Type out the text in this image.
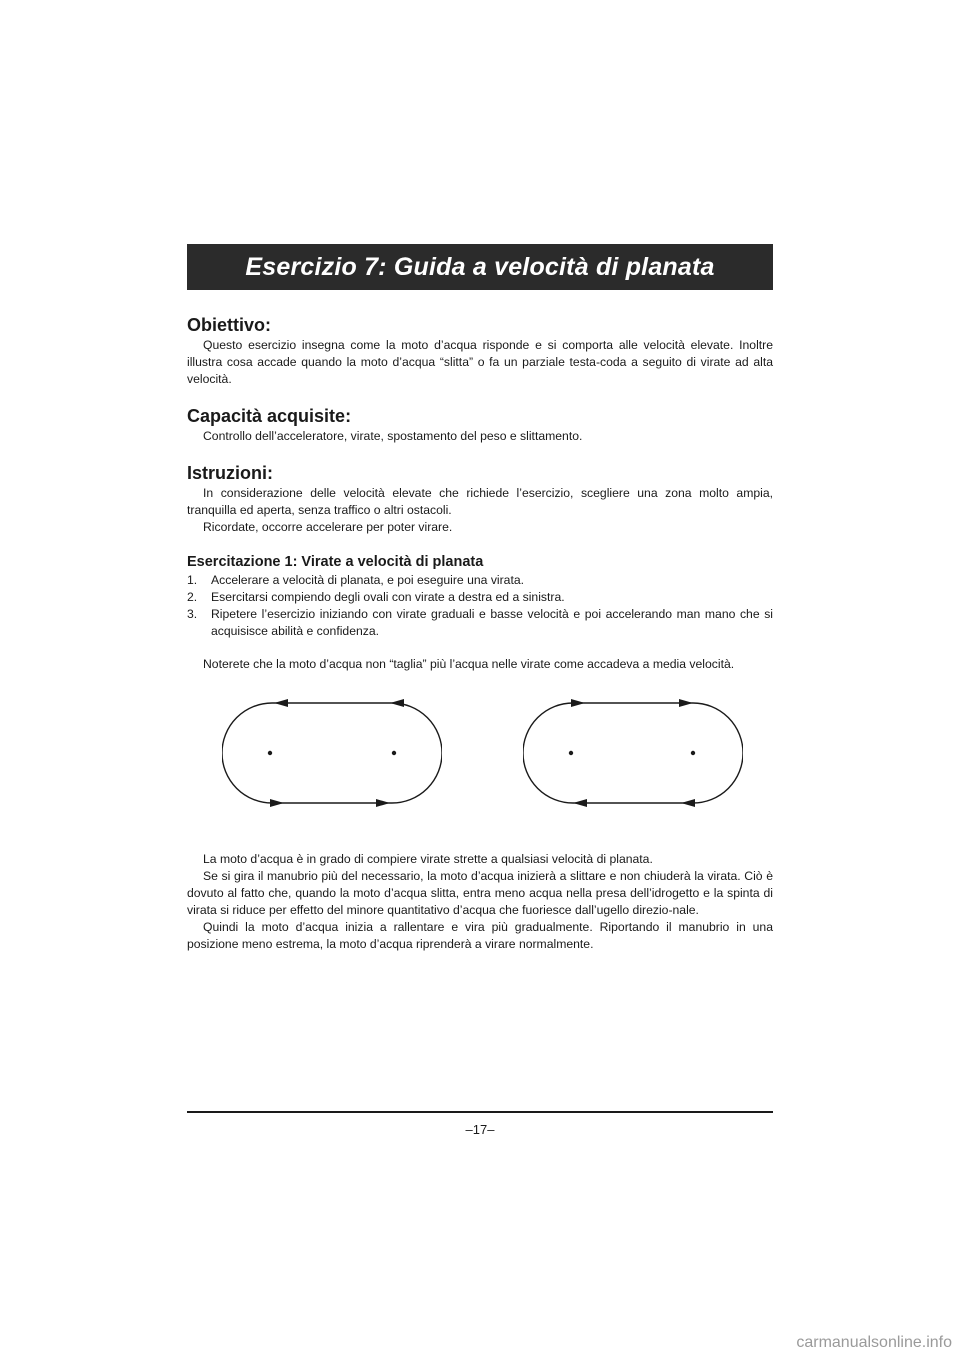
Esercizio 7: Guida a velocità di planata
Obiettivo:

Questo esercizio insegna come la moto d’acqua risponde e si comporta alle velocità elevate. Inoltre illustra cosa accade quando la moto d’acqua “slitta” o fa un parziale testa-coda a seguito di virate ad alta velocità.

Capacità acquisite:

Controllo dell’acceleratore, virate, spostamento del peso e slittamento.

Istruzioni:

In considerazione delle velocità elevate che richiede l’esercizio, scegliere una zona molto ampia, tranquilla ed aperta, senza traffico o altri ostacoli.

Ricordate, occorre accelerare per poter virare.

Esercitazione 1: Virate a velocità di planata
1. Accelerare a velocità di planata, e poi eseguire una virata.
2. Esercitarsi compiendo degli ovali con virate a destra ed a sinistra.
3. Ripetere l’esercizio iniziando con virate graduali e basse velocità e poi accelerando man mano che si acquisisce abilità e confidenza.

Noterete che la moto d’acqua non “taglia” più l’acqua nelle virate come accadeva a media velocità.

La moto d’acqua è in grado di compiere virate strette a qualsiasi velocità di planata.

Se si gira il manubrio più del necessario, la moto d’acqua inizierà a slittare e non chiuderà la virata. Ciò è dovuto al fatto che, quando la moto d’acqua slitta, entra meno acqua nella presa dell’idrogetto e la spinta di virata si riduce per effetto del minore quantitativo d’acqua che fuoriesce dall’ugello direzio-nale.

Quindi la moto d’acqua inizia a rallentare e vira più gradualmente. Riportando il manubrio in una posizione meno estrema, la moto d’acqua riprenderà a virare normalmente.

–17–
carmanualsonline.info
